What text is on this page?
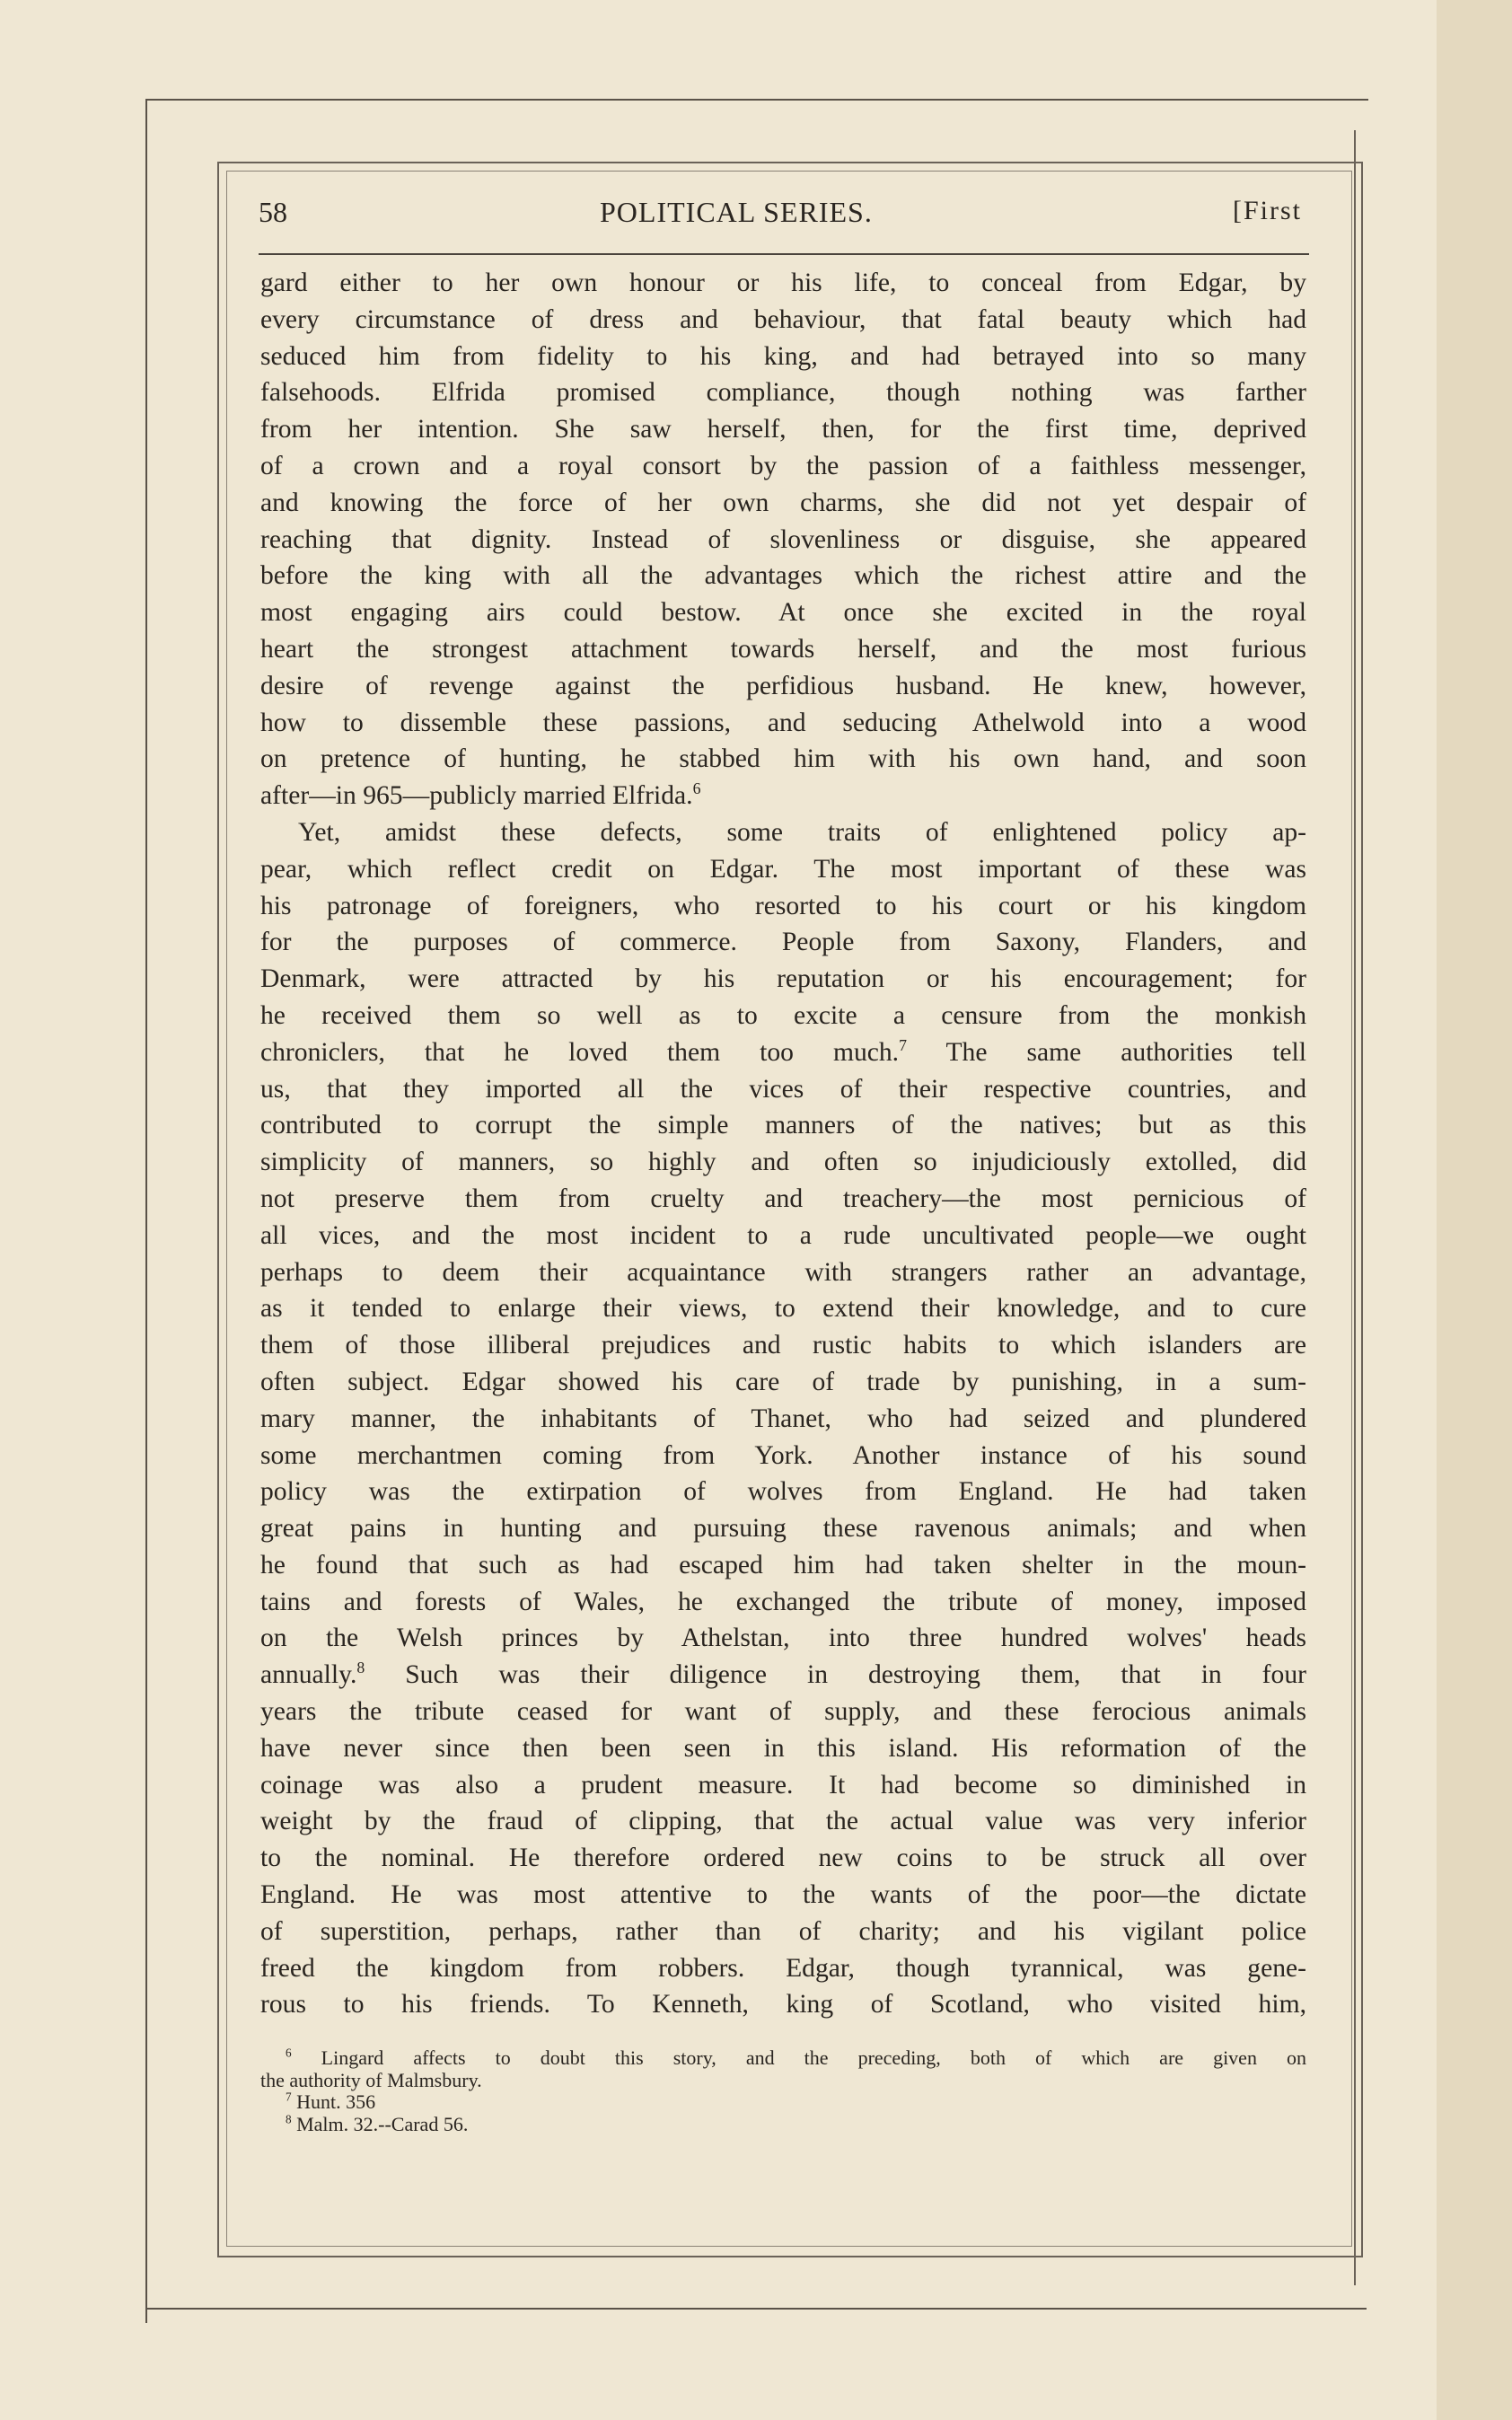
58	POLITICAL SERIES.	[First
gard either to her own honour or his life, to conceal from Edgar, by
every circumstance of dress and behaviour, that fatal beauty which had
seduced him from fidelity to his king, and had betrayed into so many
falsehoods. Elfrida promised compliance, though nothing was farther
from her intention. She saw herself, then, for the first time, deprived
of a crown and a royal consort by the passion of a faithless messenger,
and knowing the force of her own charms, she did not yet despair of
reaching that dignity. Instead of slovenliness or disguise, she appeared
before the king with all the advantages which the richest attire and the
most engaging airs could bestow. At once she excited in the royal
heart the strongest attachment towards herself, and the most furious
desire of revenge against the perfidious husband. He knew, however,
how to dissemble these passions, and seducing Athelwold into a wood
on pretence of hunting, he stabbed him with his own hand, and soon
after—in 965—publicly married Elfrida.$^6$
Yet, amidst these defects, some traits of enlightened policy ap-
pear, which reflect credit on Edgar. The most important of these was
his patronage of foreigners, who resorted to his court or his kingdom
for the purposes of commerce. People from Saxony, Flanders, and
Denmark, were attracted by his reputation or his encouragement; for
he received them so well as to excite a censure from the monkish
chroniclers, that he loved them too much.$^7$ The same authorities tell
us, that they imported all the vices of their respective countries, and
contributed to corrupt the simple manners of the natives; but as this
simplicity of manners, so highly and often so injudiciously extolled, did
not preserve them from cruelty and treachery—the most pernicious of
all vices, and the most incident to a rude uncultivated people—we ought
perhaps to deem their acquaintance with strangers rather an advantage,
as it tended to enlarge their views, to extend their knowledge, and to cure
them of those illiberal prejudices and rustic habits to which islanders are
often subject. Edgar showed his care of trade by punishing, in a sum-
mary manner, the inhabitants of Thanet, who had seized and plundered
some merchantmen coming from York. Another instance of his sound
policy was the extirpation of wolves from England. He had taken
great pains in hunting and pursuing these ravenous animals; and when
he found that such as had escaped him had taken shelter in the moun-
tains and forests of Wales, he exchanged the tribute of money, imposed
on the Welsh princes by Athelstan, into three hundred wolves' heads
annually.$^8$ Such was their diligence in destroying them, that in four
years the tribute ceased for want of supply, and these ferocious animals
have never since then been seen in this island. His reformation of the
coinage was also a prudent measure. It had become so diminished in
weight by the fraud of clipping, that the actual value was very inferior
to the nominal. He therefore ordered new coins to be struck all over
England. He was most attentive to the wants of the poor—the dictate
of superstition, perhaps, rather than of charity; and his vigilant police
freed the kingdom from robbers. Edgar, though tyrannical, was gene-
rous to his friends. To Kenneth, king of Scotland, who visited him,
$^6$ Lingard affects to doubt this story, and the preceding, both of which are given on
the authority of Malmsbury.
$^7$ Hunt. 356
$^8$ Malm. 32.--Carad 56.
